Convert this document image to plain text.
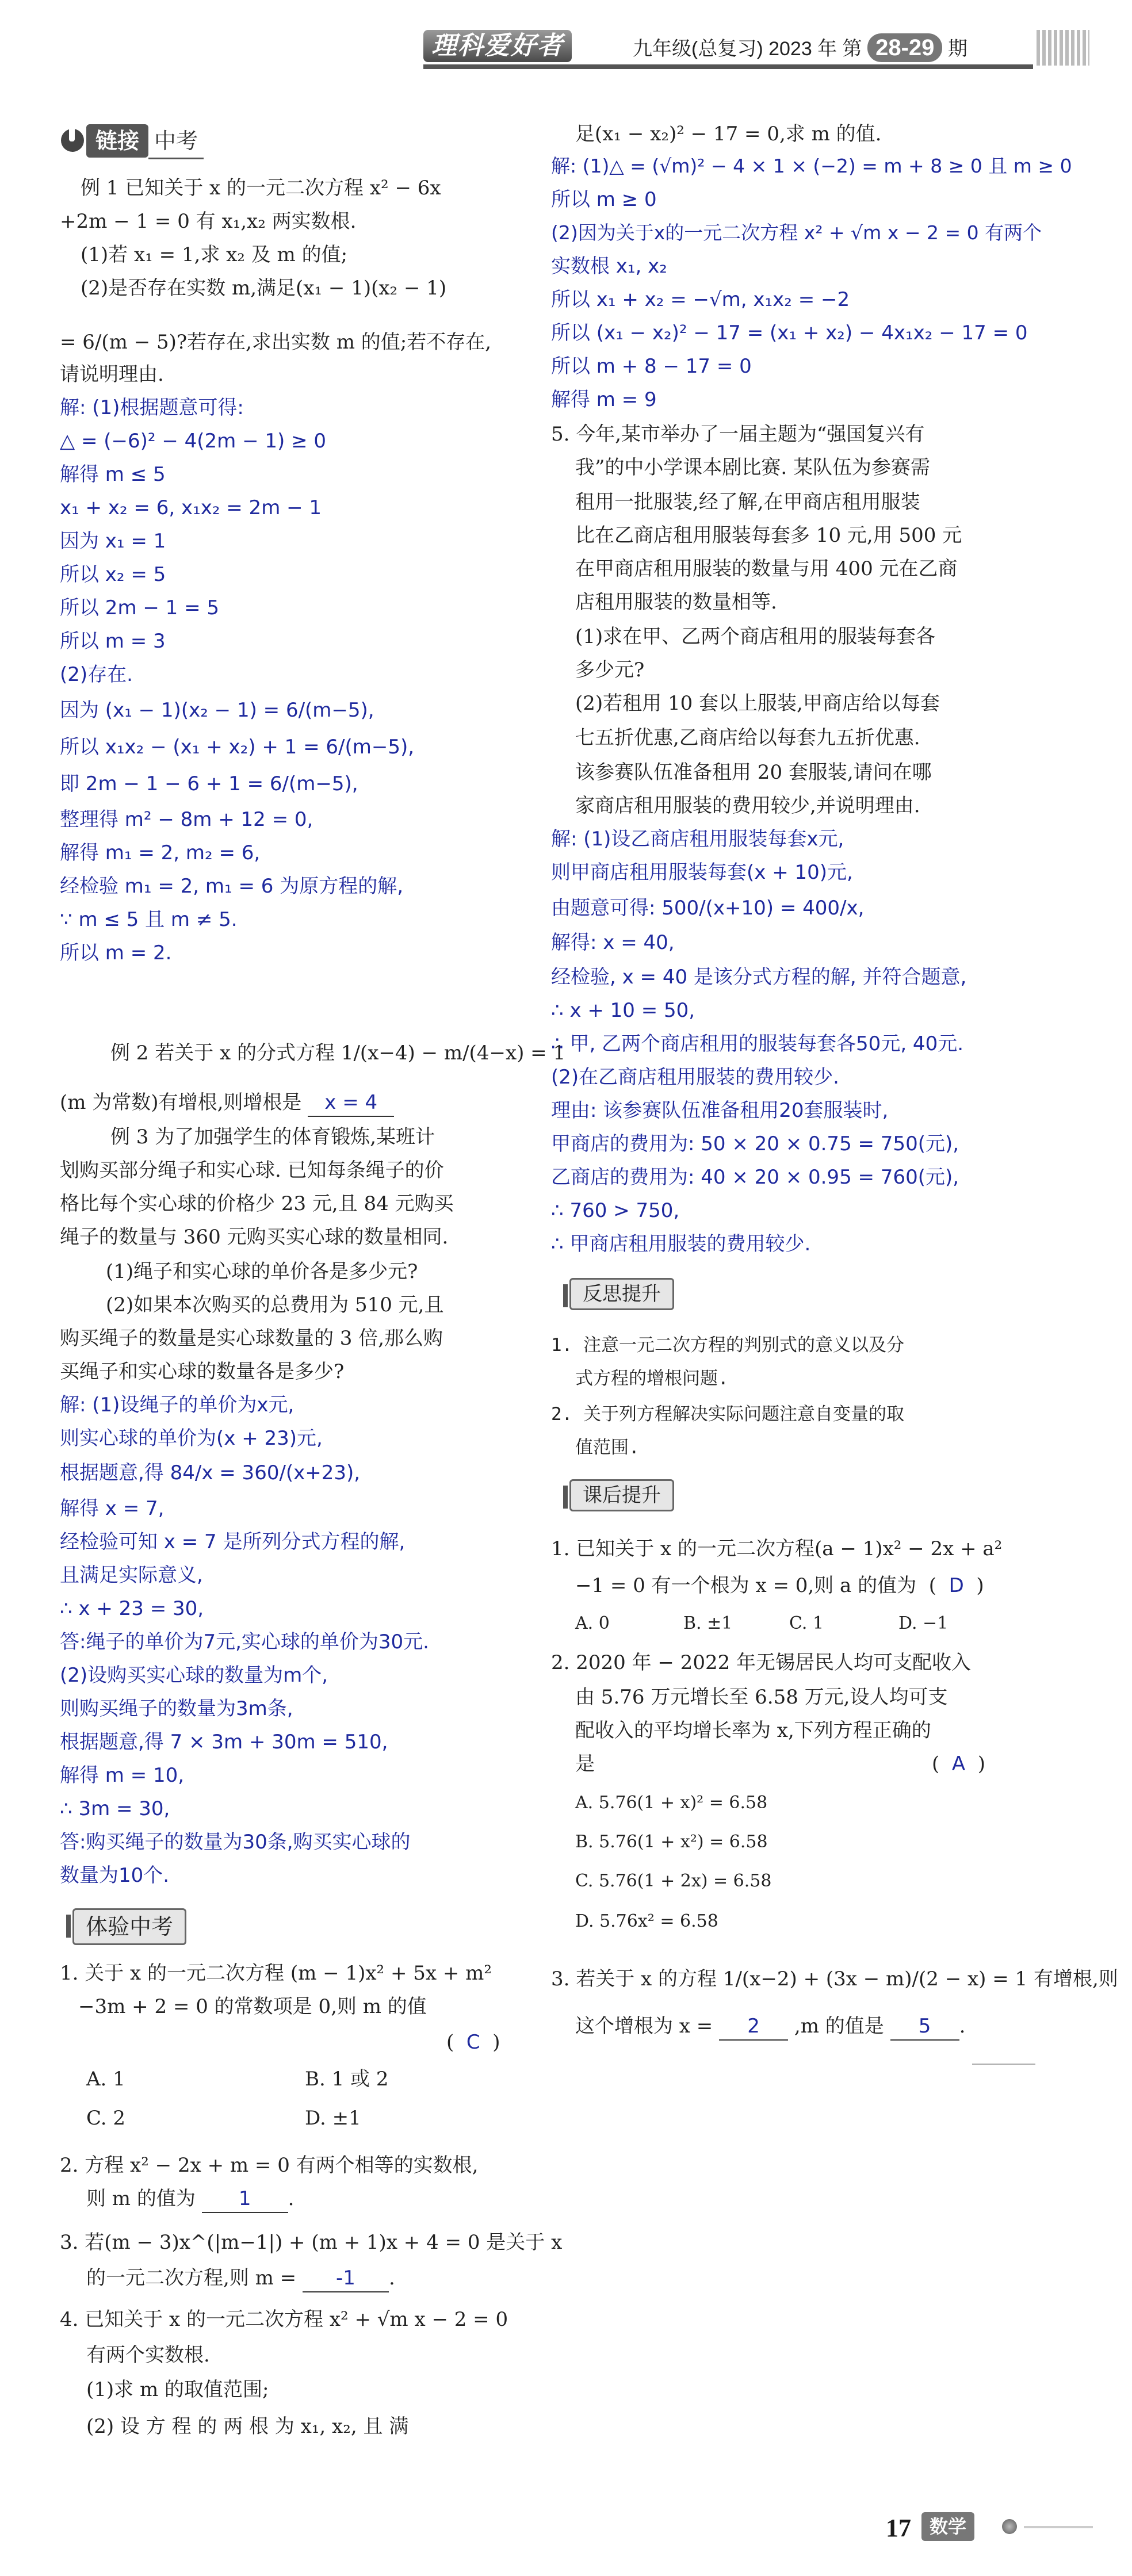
理科爱好者	九年级(总复习) 2023 年 第 28-29 期
链接 中考
例 1 已知关于 x 的一元二次方程 x² − 6x
+2m − 1 = 0 有 x₁,x₂ 两实数根.
(1)若 x₁ = 1,求 x₂ 及 m 的值;
(2)是否存在实数 m,满足(x₁ − 1)(x₂ − 1)
= 6/(m − 5)?若存在,求出实数 m 的值;若不存在,
请说明理由.
解: (1)根据题意可得:
△ = (−6)² − 4(2m − 1) ≥ 0
解得 m ≤ 5
x₁ + x₂ = 6, x₁x₂ = 2m − 1
因为 x₁ = 1
所以 x₂ = 5
所以 2m − 1 = 5
所以 m = 3
(2)存在.
因为 (x₁ − 1)(x₂ − 1) = 6/(m−5),
所以 x₁x₂ − (x₁ + x₂) + 1 = 6/(m−5),
即 2m − 1 − 6 + 1 = 6/(m−5),
整理得 m² − 8m + 12 = 0,
解得 m₁ = 2, m₂ = 6,
经检验 m₁ = 2, m₁ = 6 为原方程的解,
∵ m ≤ 5 且 m ≠ 5.
所以 m = 2.
例 2 若关于 x 的分式方程 1/(x−4) − m/(4−x) = 1
(m 为常数)有增根,则增根是 x = 4
例 3 为了加强学生的体育锻炼,某班计
划购买部分绳子和实心球. 已知每条绳子的价
格比每个实心球的价格少 23 元,且 84 元购买
绳子的数量与 360 元购买实心球的数量相同.
(1)绳子和实心球的单价各是多少元?
(2)如果本次购买的总费用为 510 元,且
购买绳子的数量是实心球数量的 3 倍,那么购
买绳子和实心球的数量各是多少?
解: (1)设绳子的单价为x元,
则实心球的单价为(x + 23)元,
根据题意,得 84/x = 360/(x+23),
解得 x = 7,
经检验可知 x = 7 是所列分式方程的解,
且满足实际意义,
∴ x + 23 = 30,
答:绳子的单价为7元,实心球的单价为30元.
(2)设购买实心球的数量为m个,
则购买绳子的数量为3m条,
根据题意,得 7 × 3m + 30m = 510,
解得 m = 10,
∴ 3m = 30,
答:购买绳子的数量为30条,购买实心球的
数量为10个.
体验中考
1. 关于 x 的一元二次方程 (m − 1)x² + 5x + m²
−3m + 2 = 0 的常数项是 0,则 m 的值
(  C  )
A. 1	B. 1 或 2
C. 2	D. ±1
2. 方程 x² − 2x + m = 0 有两个相等的实数根,
则 m 的值为 1 .
3. 若(m − 3)x^(|m−1|) + (m + 1)x + 4 = 0 是关于 x
的一元二次方程,则 m = -1 .
4. 已知关于 x 的一元二次方程 x² + √m x − 2 = 0
有两个实数根.
(1)求 m 的取值范围;
(2) 设 方 程 的 两 根 为 x₁, x₂, 且 满
足(x₁ − x₂)² − 17 = 0,求 m 的值.
解: (1)△ = (√m)² − 4 × 1 × (−2) = m + 8 ≥ 0 且 m ≥ 0
所以 m ≥ 0
(2)因为关于x的一元二次方程 x² + √m x − 2 = 0 有两个
实数根 x₁, x₂
所以 x₁ + x₂ = −√m, x₁x₂ = −2
所以 (x₁ − x₂)² − 17 = (x₁ + x₂) − 4x₁x₂ − 17 = 0
所以 m + 8 − 17 = 0
解得 m = 9
5. 今年,某市举办了一届主题为“强国复兴有
我”的中小学课本剧比赛. 某队伍为参赛需
租用一批服装,经了解,在甲商店租用服装
比在乙商店租用服装每套多 10 元,用 500 元
在甲商店租用服装的数量与用 400 元在乙商
店租用服装的数量相等.
(1)求在甲、乙两个商店租用的服装每套各
多少元?
(2)若租用 10 套以上服装,甲商店给以每套
七五折优惠,乙商店给以每套九五折优惠.
该参赛队伍准备租用 20 套服装,请问在哪
家商店租用服装的费用较少,并说明理由.
解: (1)设乙商店租用服装每套x元,
则甲商店租用服装每套(x + 10)元,
由题意可得: 500/(x+10) = 400/x,
解得: x = 40,
经检验, x = 40 是该分式方程的解, 并符合题意,
∴ x + 10 = 50,
∴ 甲, 乙两个商店租用的服装每套各50元, 40元.
(2)在乙商店租用服装的费用较少.
理由: 该参赛队伍准备租用20套服装时,
甲商店的费用为: 50 × 20 × 0.75 = 750(元),
乙商店的费用为: 40 × 20 × 0.95 = 760(元),
∴ 760 > 750,
∴ 甲商店租用服装的费用较少.
反思提升
1. 注意一元二次方程的判别式的意义以及分
式方程的增根问题.
2. 关于列方程解决实际问题注意自变量的取
值范围.
课后提升
1. 已知关于 x 的一元二次方程(a − 1)x² − 2x + a²
−1 = 0 有一个根为 x = 0,则 a 的值为  (  D  )
A. 0	B. ±1	C. 1	D. −1
2. 2020 年 − 2022 年无锡居民人均可支配收入
由 5.76 万元增长至 6.58 万元,设人均可支
配收入的平均增长率为 x,下列方程正确的
是	(  A  )
A. 5.76(1 + x)² = 6.58
B. 5.76(1 + x²) = 6.58
C. 5.76(1 + 2x) = 6.58
D. 5.76x² = 6.58
3. 若关于 x 的方程 1/(x−2) + (3x − m)/(2 − x) = 1 有增根,则
这个增根为 x = 2 ,m 的值是 5 .
17	数学
